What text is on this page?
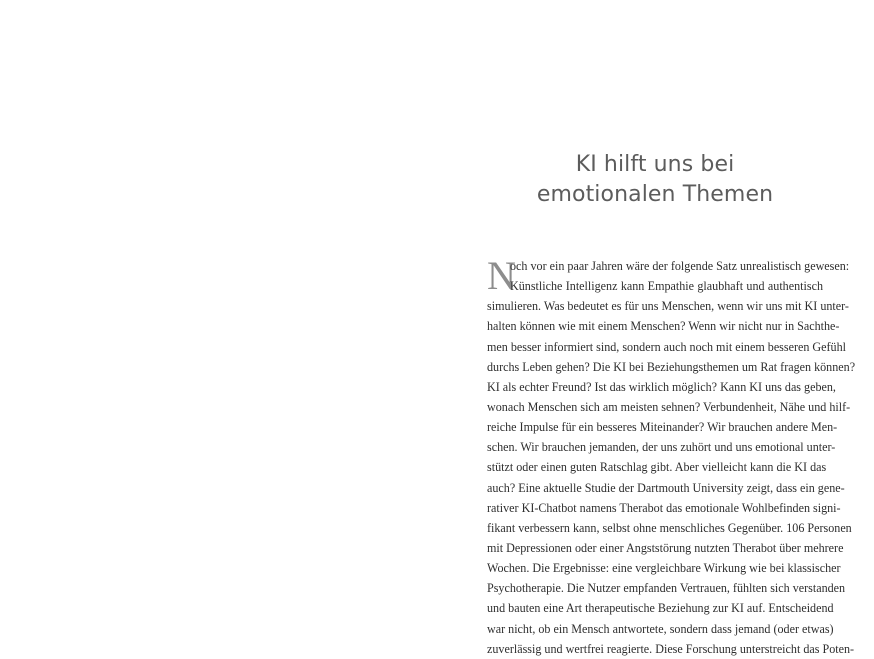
KI hilft uns bei
emotionalen Themen
N
och vor ein paar Jahren wäre der folgende Satz unrealistisch gewesen:
Künstliche Intelligenz kann Empathie glaubhaft und authentisch
simulieren. Was bedeutet es für uns Menschen, wenn wir uns mit KI unter-
halten können wie mit einem Menschen? Wenn wir nicht nur in Sachthe-
men besser informiert sind, sondern auch noch mit einem besseren Gefühl
durchs Leben gehen? Die KI bei Beziehungsthemen um Rat fragen können?
KI als echter Freund? Ist das wirklich möglich? Kann KI uns das geben,
wonach Menschen sich am meisten sehnen? Verbundenheit, Nähe und hilf-
reiche Impulse für ein besseres Miteinander? Wir brauchen andere Men-
schen. Wir brauchen jemanden, der uns zuhört und uns emotional unter-
stützt oder einen guten Ratschlag gibt. Aber vielleicht kann die KI das
auch? Eine aktuelle Studie der Dartmouth University zeigt, dass ein gene-
rativer KI-Chatbot namens Therabot das emotionale Wohlbefinden signi-
fikant verbessern kann, selbst ohne menschliches Gegenüber. 106 Personen
mit Depressionen oder einer Angststörung nutzten Therabot über mehrere
Wochen. Die Ergebnisse: eine vergleichbare Wirkung wie bei klassischer
Psychotherapie. Die Nutzer empfanden Vertrauen, fühlten sich verstanden
und bauten eine Art therapeutische Beziehung zur KI auf. Entscheidend
war nicht, ob ein Mensch antwortete, sondern dass jemand (oder etwas)
zuverlässig und wertfrei reagierte. Diese Forschung unterstreicht das Poten-
